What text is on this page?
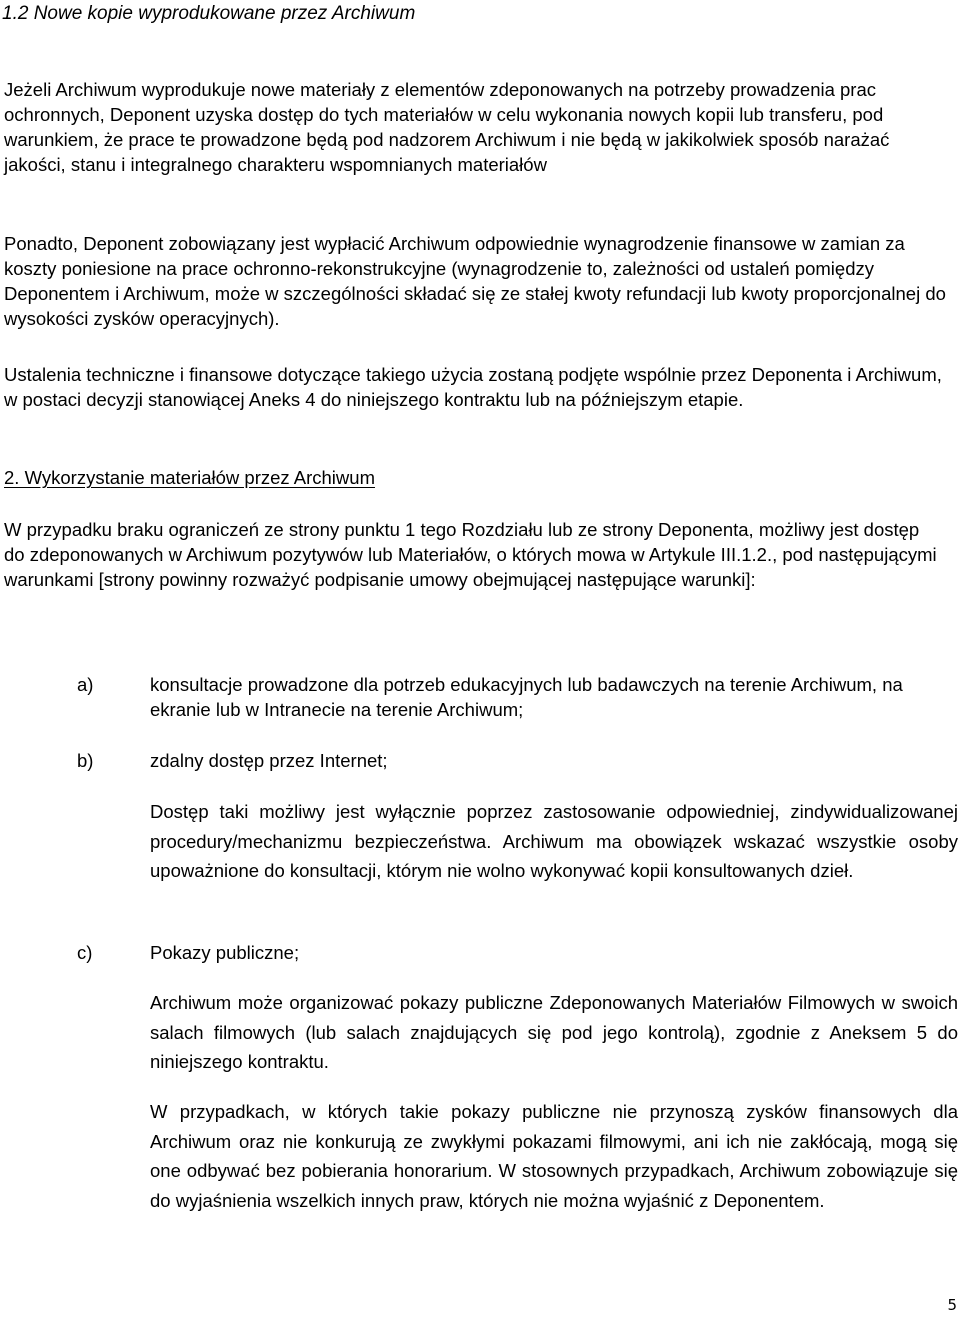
1.2 Nowe kopie wyprodukowane przez Archiwum

Jeżeli Archiwum wyprodukuje nowe materiały z elementów zdeponowanych na potrzeby prowadzenia prac ochronnych, Deponent uzyska dostęp do tych materiałów w celu wykonania nowych kopii lub transferu, pod warunkiem, że prace te prowadzone będą pod nadzorem Archiwum i nie będą w jakikolwiek sposób narażać jakości, stanu i integralnego charakteru wspomnianych materiałów

Ponadto, Deponent zobowiązany jest wypłacić Archiwum odpowiednie wynagrodzenie finansowe w zamian za koszty poniesione na prace ochronno-rekonstrukcyjne (wynagrodzenie to, zależności od ustaleń pomiędzy Deponentem i Archiwum, może w szczególności składać się ze stałej kwoty refundacji lub kwoty proporcjonalnej do wysokości zysków operacyjnych).

Ustalenia techniczne i finansowe dotyczące takiego użycia zostaną podjęte wspólnie przez Deponenta i Archiwum, w postaci decyzji stanowiącej Aneks 4 do niniejszego kontraktu lub na późniejszym etapie.

2. Wykorzystanie materiałów przez Archiwum

W przypadku braku ograniczeń ze strony punktu 1 tego Rozdziału lub ze strony Deponenta, możliwy jest dostęp do zdeponowanych w Archiwum pozytywów lub Materiałów, o których mowa w Artykule III.1.2., pod następującymi warunkami [strony powinny rozważyć podpisanie umowy obejmującej następujące warunki]:

a)	konsultacje prowadzone dla potrzeb edukacyjnych lub badawczych na terenie Archiwum, na ekranie lub w Intranecie na terenie Archiwum;

b)	zdalny dostęp przez Internet;

Dostęp taki możliwy jest wyłącznie poprzez zastosowanie odpowiedniej, zindywidualizowanej procedury/mechanizmu bezpieczeństwa. Archiwum ma obowiązek wskazać wszystkie osoby upoważnione do konsultacji, którym nie wolno wykonywać kopii konsultowanych dzieł.

c)	Pokazy publiczne;

Archiwum może organizować pokazy publiczne Zdeponowanych Materiałów Filmowych w swoich salach filmowych (lub salach znajdujących się pod jego kontrolą), zgodnie z Aneksem 5 do niniejszego kontraktu.

W przypadkach, w których takie pokazy publiczne nie przynoszą zysków finansowych dla Archiwum oraz nie konkurują ze zwykłymi pokazami filmowymi, ani ich nie zakłócają, mogą się one odbywać bez pobierania honorarium. W stosownych przypadkach, Archiwum zobowiązuje się do wyjaśnienia wszelkich innych praw, których nie można wyjaśnić z Deponentem.

5
